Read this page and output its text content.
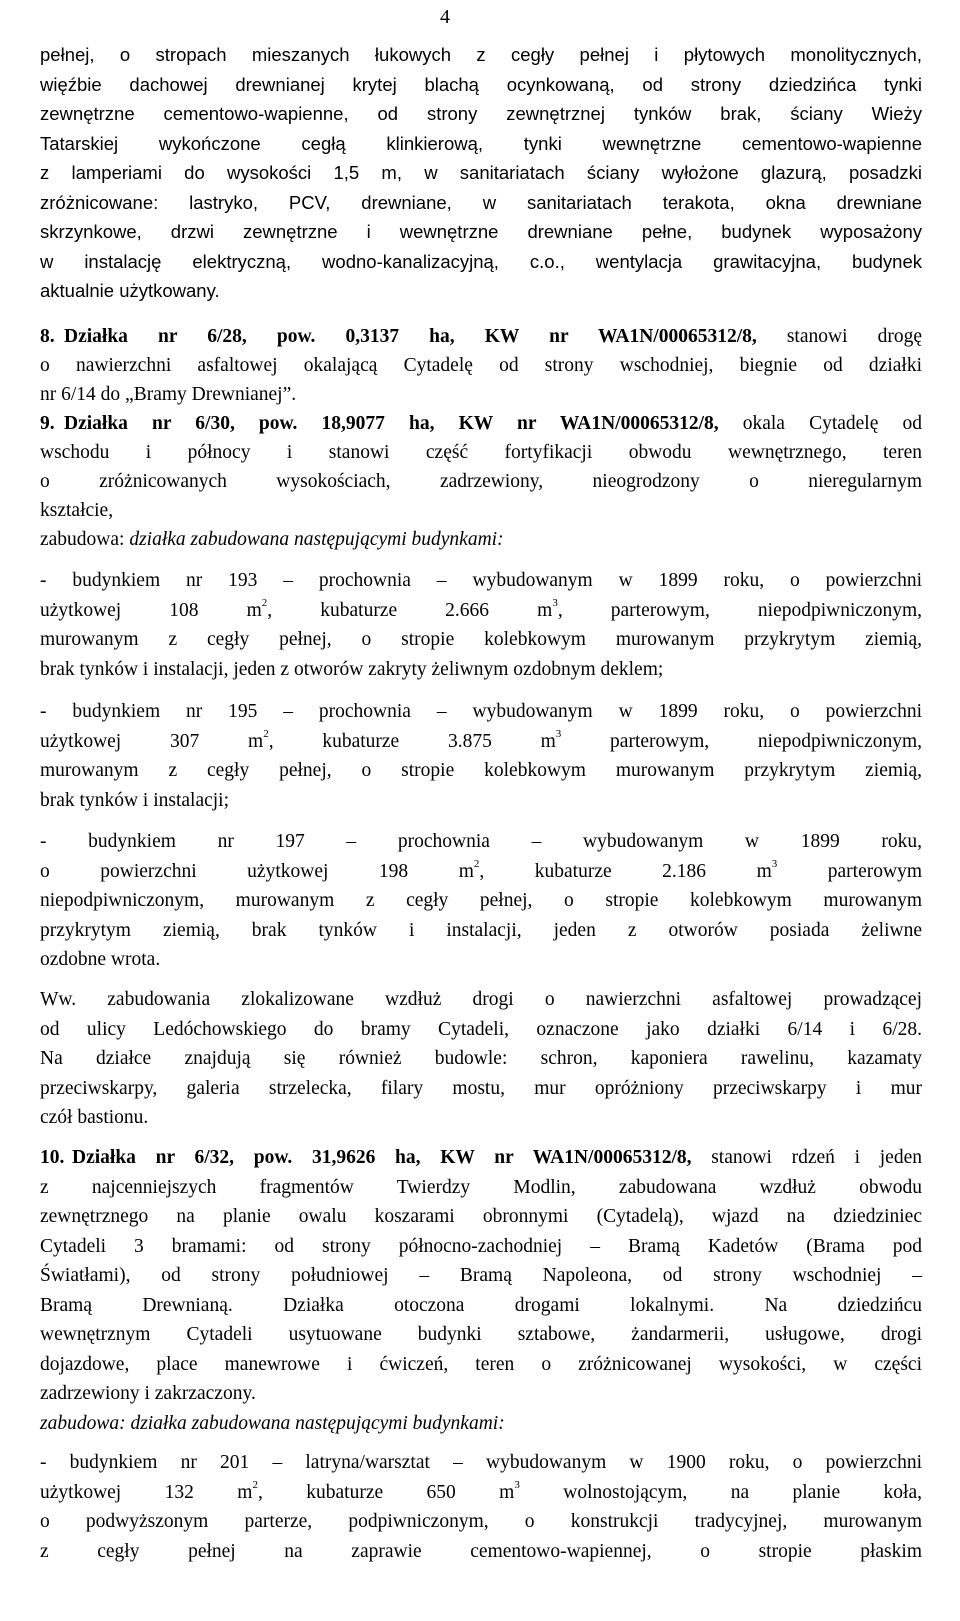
4
pełnej, o stropach mieszanych łukowych z cegły pełnej i płytowych monolitycznych,
więźbie dachowej drewnianej krytej blachą ocynkowaną, od strony dziedzińca tynki
zewnętrzne cementowo-wapienne, od strony zewnętrznej tynków brak, ściany Wieży
Tatarskiej wykończone cegłą klinkierową, tynki wewnętrzne cementowo-wapienne
z lamperiami do wysokości 1,5 m, w sanitariatach ściany wyłożone glazurą, posadzki
zróżnicowane: lastryko, PCV, drewniane, w sanitariatach terakota, okna drewniane
skrzynkowe, drzwi zewnętrzne i wewnętrzne drewniane pełne, budynek wyposażony
w instalację elektryczną, wodno-kanalizacyjną, c.o., wentylacja grawitacyjna, budynek
aktualnie użytkowany.
8. Działka nr 6/28, pow. 0,3137 ha, KW nr WA1N/00065312/8, stanowi drogę
o nawierzchni asfaltowej okalającą Cytadelę od strony wschodniej, biegnie od działki
nr 6/14 do „Bramy Drewnianej”.
9. Działka nr 6/30, pow. 18,9077 ha, KW nr WA1N/00065312/8, okala Cytadelę od
wschodu i północy i stanowi część fortyfikacji obwodu wewnętrznego, teren
o zróżnicowanych wysokościach, zadrzewiony, nieogrodzony o nieregularnym
kształcie,
zabudowa: działka zabudowana następującymi budynkami:
- budynkiem nr 193 – prochownia – wybudowanym w 1899 roku, o powierzchni
użytkowej 108 $m^2$, kubaturze 2.666 $m^3$, parterowym, niepodpiwniczonym,
murowanym z cegły pełnej, o stropie kolebkowym murowanym przykrytym ziemią,
brak tynków i instalacji, jeden z otworów zakryty żeliwnym ozdobnym deklem;
- budynkiem nr 195 – prochownia – wybudowanym w 1899 roku, o powierzchni
użytkowej 307 $m^2$, kubaturze 3.875 $m^3$ parterowym, niepodpiwniczonym,
murowanym z cegły pełnej, o stropie kolebkowym murowanym przykrytym ziemią,
brak tynków i instalacji;
- budynkiem nr 197 – prochownia – wybudowanym w 1899 roku,
o powierzchni użytkowej 198 $m^2$, kubaturze 2.186 $m^3$ parterowym
niepodpiwniczonym, murowanym z cegły pełnej, o stropie kolebkowym murowanym
przykrytym ziemią, brak tynków i instalacji, jeden z otworów posiada żeliwne
ozdobne wrota.
Ww. zabudowania zlokalizowane wzdłuż drogi o nawierzchni asfaltowej prowadzącej
od ulicy Ledóchowskiego do bramy Cytadeli, oznaczone jako działki 6/14 i 6/28.
Na działce znajdują się również budowle: schron, kaponiera rawelinu, kazamaty
przeciwskarpy, galeria strzelecka, filary mostu, mur opróżniony przeciwskarpy i mur
czół bastionu.
10. Działka nr 6/32, pow. 31,9626 ha, KW nr WA1N/00065312/8, stanowi rdzeń i jeden
z najcenniejszych fragmentów Twierdzy Modlin, zabudowana wzdłuż obwodu
zewnętrznego na planie owalu koszarami obronnymi (Cytadelą), wjazd na dziedziniec
Cytadeli 3 bramami: od strony północno-zachodniej – Bramą Kadetów (Brama pod
Światłami), od strony południowej – Bramą Napoleona, od strony wschodniej –
Bramą Drewnianą. Działka otoczona drogami lokalnymi. Na dziedzińcu
wewnętrznym Cytadeli usytuowane budynki sztabowe, żandarmerii, usługowe, drogi
dojazdowe, place manewrowe i ćwiczeń, teren o zróżnicowanej wysokości, w części
zadrzewiony i zakrzaczony.
zabudowa: działka zabudowana następującymi budynkami:
- budynkiem nr 201 – latryna/warsztat – wybudowanym w 1900 roku, o powierzchni
użytkowej 132 $m^2$, kubaturze 650 $m^3$ wolnostojącym, na planie koła,
o podwyższonym parterze, podpiwniczonym, o konstrukcji tradycyjnej, murowanym
z cegły pełnej na zaprawie cementowo-wapiennej, o stropie płaskim
